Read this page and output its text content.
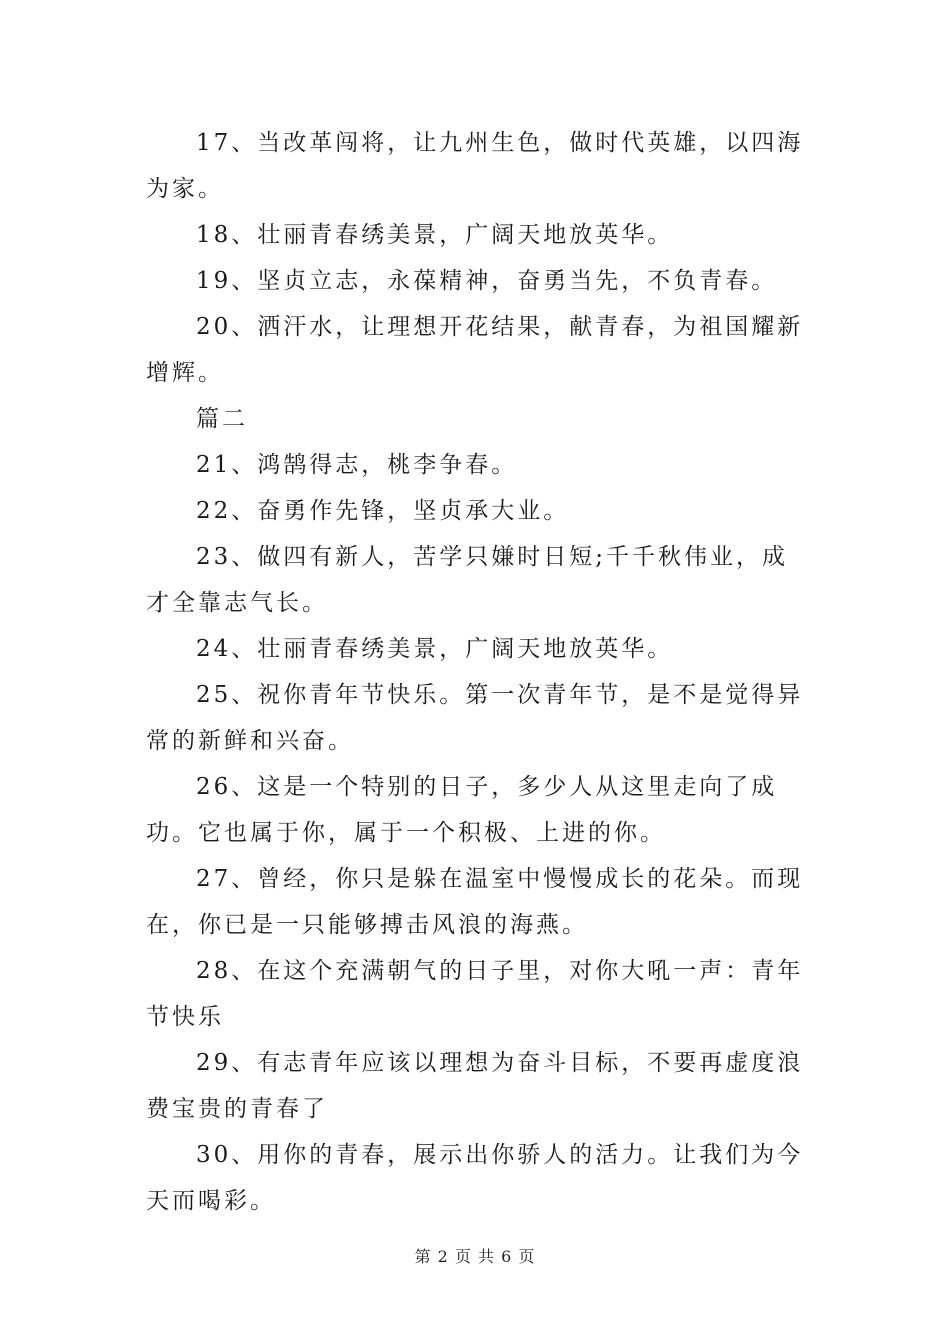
17、当改革闯将，让九州生色，做时代英雄，以四海为家。

18、壮丽青春绣美景，广阔天地放英华。

19、坚贞立志，永葆精神，奋勇当先，不负青春。

20、洒汗水，让理想开花结果，献青春，为祖国耀新增辉。

篇二

21、鸿鹄得志，桃李争春。

22、奋勇作先锋，坚贞承大业。

23、做四有新人，苦学只嫌时日短;千千秋伟业，成才全靠志气长。

24、壮丽青春绣美景，广阔天地放英华。

25、祝你青年节快乐。第一次青年节，是不是觉得异常的新鲜和兴奋。

26、这是一个特别的日子，多少人从这里走向了成功。它也属于你，属于一个积极、上进的你。

27、曾经，你只是躲在温室中慢慢成长的花朵。而现在，你已是一只能够搏击风浪的海燕。

28、在这个充满朝气的日子里，对你大吼一声：青年节快乐

29、有志青年应该以理想为奋斗目标，不要再虚度浪费宝贵的青春了

30、用你的青春，展示出你骄人的活力。让我们为今天而喝彩。

第 2 页 共 6 页
